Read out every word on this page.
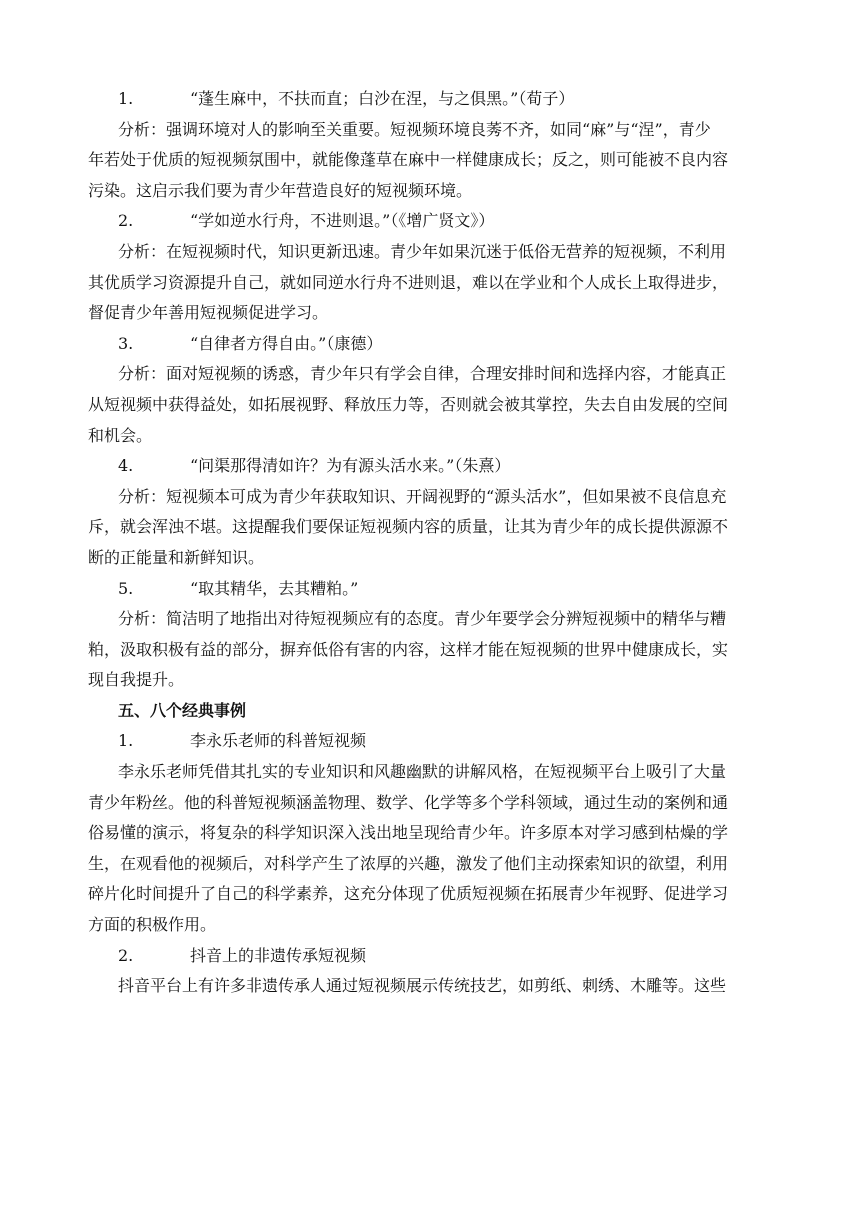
1.	“蓬生麻中，不扶而直；白沙在涅，与之俱黑。”（荀子）
分析：强调环境对人的影响至关重要。短视频环境良莠不齐，如同“麻”与“涅”，青少
年若处于优质的短视频氛围中，就能像蓬草在麻中一样健康成长；反之，则可能被不良内容
污染。这启示我们要为青少年营造良好的短视频环境。
2.	“学如逆水行舟，不进则退。”（《增广贤文》）
分析：在短视频时代，知识更新迅速。青少年如果沉迷于低俗无营养的短视频，不利用
其优质学习资源提升自己，就如同逆水行舟不进则退，难以在学业和个人成长上取得进步，
督促青少年善用短视频促进学习。
3.	“自律者方得自由。”（康德）
分析：面对短视频的诱惑，青少年只有学会自律，合理安排时间和选择内容，才能真正
从短视频中获得益处，如拓展视野、释放压力等，否则就会被其掌控，失去自由发展的空间
和机会。
4.	“问渠那得清如许？为有源头活水来。”（朱熹）
分析：短视频本可成为青少年获取知识、开阔视野的“源头活水”，但如果被不良信息充
斥，就会浑浊不堪。这提醒我们要保证短视频内容的质量，让其为青少年的成长提供源源不
断的正能量和新鲜知识。
5.	“取其精华，去其糟粕。”
分析：简洁明了地指出对待短视频应有的态度。青少年要学会分辨短视频中的精华与糟
粕，汲取积极有益的部分，摒弃低俗有害的内容，这样才能在短视频的世界中健康成长，实
现自我提升。
五、八个经典事例
1.	李永乐老师的科普短视频
李永乐老师凭借其扎实的专业知识和风趣幽默的讲解风格，在短视频平台上吸引了大量
青少年粉丝。他的科普短视频涵盖物理、数学、化学等多个学科领域，通过生动的案例和通
俗易懂的演示，将复杂的科学知识深入浅出地呈现给青少年。许多原本对学习感到枯燥的学
生，在观看他的视频后，对科学产生了浓厚的兴趣，激发了他们主动探索知识的欲望，利用
碎片化时间提升了自己的科学素养，这充分体现了优质短视频在拓展青少年视野、促进学习
方面的积极作用。
2.	抖音上的非遗传承短视频
抖音平台上有许多非遗传承人通过短视频展示传统技艺，如剪纸、刺绣、木雕等。这些
